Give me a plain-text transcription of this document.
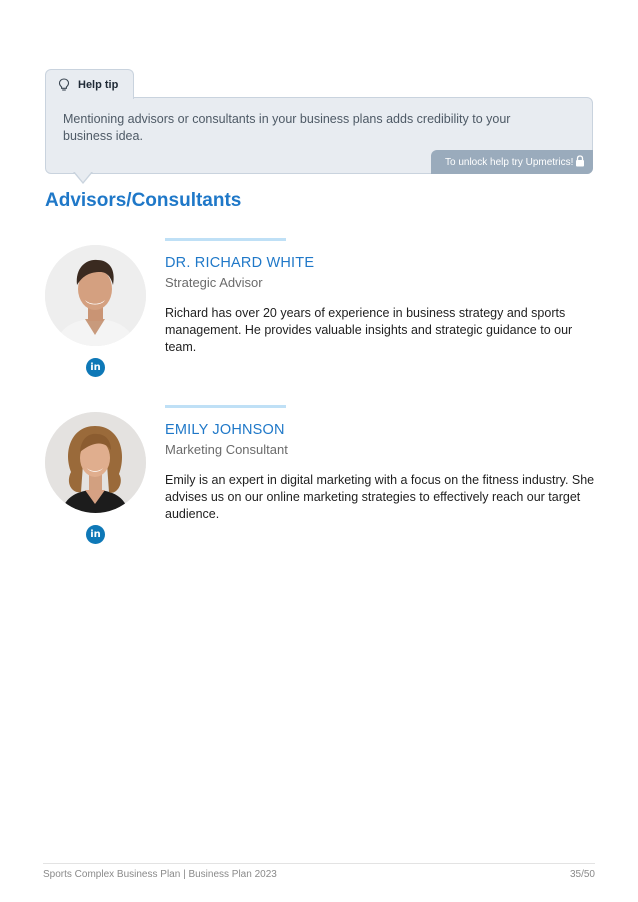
Help tip
Mentioning advisors or consultants in your business plans adds credibility to your business idea.
To unlock help try Upmetrics!
Advisors/Consultants
in
DR. RICHARD WHITE
Strategic Advisor

Richard has over 20 years of experience in business strategy and sports management. He provides valuable insights and strategic guidance to our team.

in
EMILY JOHNSON
Marketing Consultant

Emily is an expert in digital marketing with a focus on the fitness industry. She advises us on our online marketing strategies to effectively reach our target audience.

Sports Complex Business Plan | Business Plan 2023	35/50
